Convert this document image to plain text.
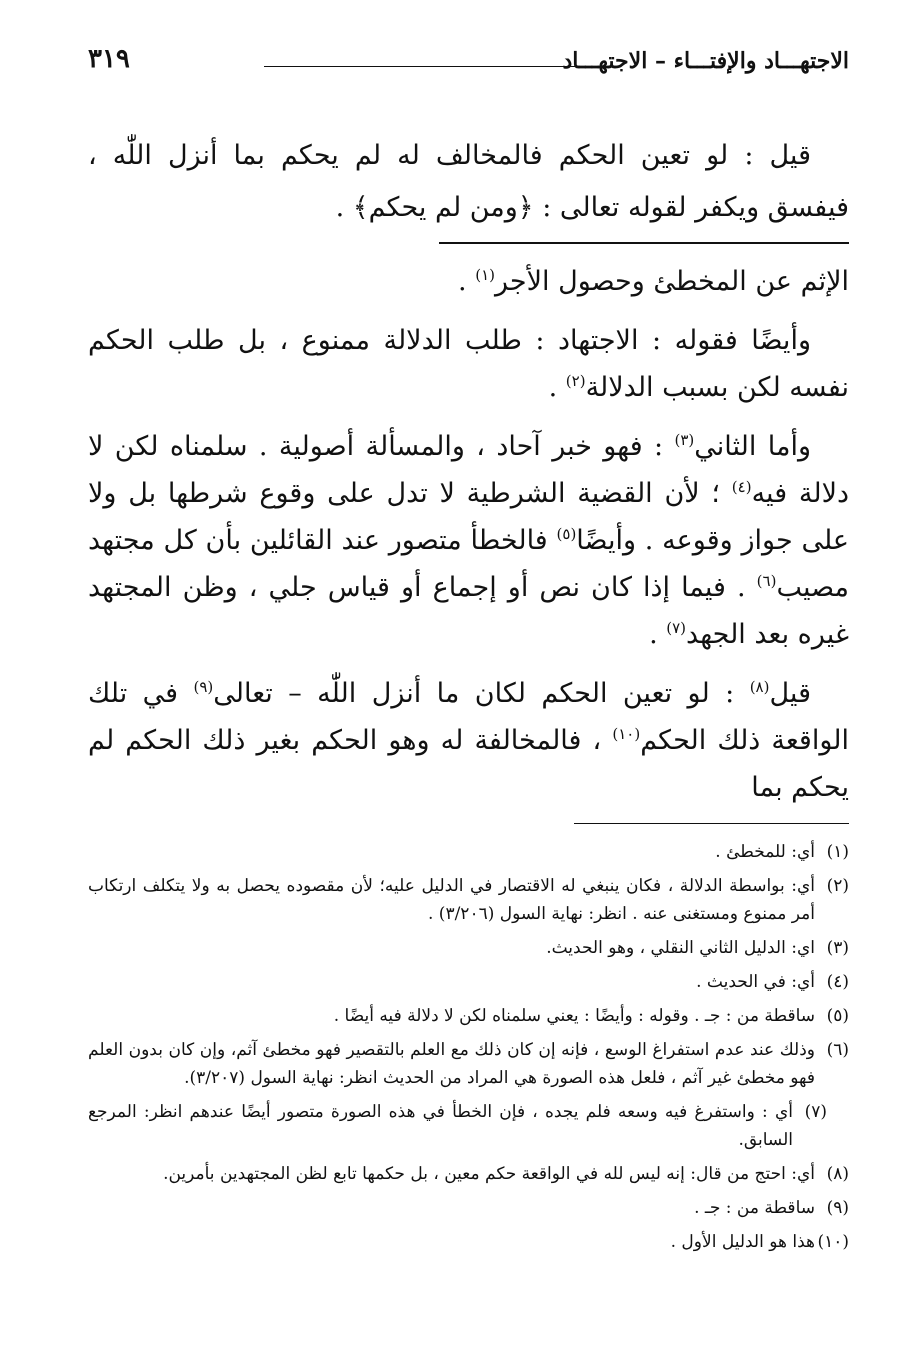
الاجتهـــاد والإفتـــاء – الاجتهـــاد
٣١٩

قيل : لو تعين الحكم فالمخالف له لم يحكم بما أنزل اللّٰه ، فيفسق ويكفر لقوله تعالى : ﴿ومن لم يحكم﴾ .

الإثم عن المخطئ وحصول الأجر$^{(١)}$ .

وأيضًا فقوله : الاجتهاد : طلب الدلالة ممنوع ، بل طلب الحكم نفسه لكن بسبب الدلالة$^{(٢)}$ .

وأما الثاني$^{(٣)}$ : فهو خبر آحاد ، والمسألة أصولية . سلمناه لكن لا دلالة فيه$^{(٤)}$ ؛ لأن القضية الشرطية لا تدل على وقوع شرطها بل ولا على جواز وقوعه . وأيضًا$^{(٥)}$ فالخطأ متصور عند القائلين بأن كل مجتهد مصيب$^{(٦)}$ . فيما إذا كان نص أو إجماع أو قياس جلي ، وظن المجتهد غيره بعد الجهد$^{(٧)}$ .

قيل$^{(٨)}$ : لو تعين الحكم لكان ما أنزل اللّٰه – تعالى$^{(٩)}$ في تلك الواقعة ذلك الحكم$^{(١٠)}$ ، فالمخالفة له وهو الحكم بغير ذلك الحكم لم يحكم بما

(١)
أي: للمخطئ .
(٢)
أي: بواسطة الدلالة ، فكان ينبغي له الاقتصار في الدليل عليه؛ لأن مقصوده يحصل به ولا يتكلف ارتكاب أمر ممنوع ومستغنى عنه . انظر: نهاية السول (٣/٢٠٦) .
(٣)
اي: الدليل الثاني النقلي ، وهو الحديث.
(٤)
أي: في الحديث .
(٥)
ساقطة من : جـ . وقوله : وأيضًا : يعني سلمناه لكن لا دلالة فيه أيضًا .
(٦)
وذلك عند عدم استفراغ الوسع ، فإنه إن كان ذلك مع العلم بالتقصير فهو مخطئ آثم، وإن كان بدون العلم فهو مخطئ غير آثم ، فلعل هذه الصورة هي المراد من الحديث انظر: نهاية السول (٣/٢٠٧).
(٧)
أي : واستفرغ فيه وسعه فلم يجده ، فإن الخطأ في هذه الصورة متصور أيضًا عندهم انظر: المرجع السابق.
(٨)
أي: احتج من قال: إنه ليس لله في الواقعة حكم معين ، بل حكمها تابع لظن المجتهدين بأمرين.
(٩)
ساقطة من : جـ .
(١٠)
هذا هو الدليل الأول .
